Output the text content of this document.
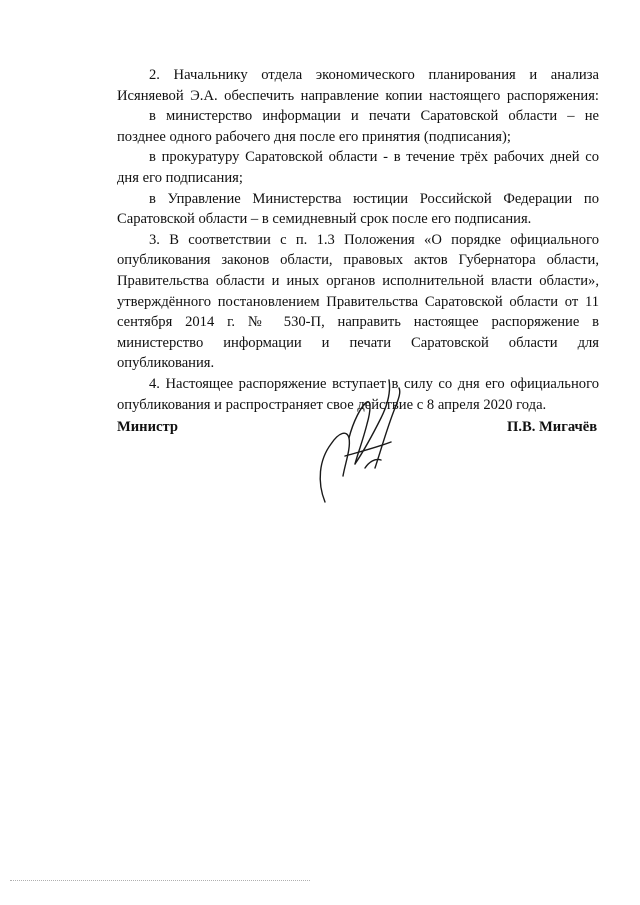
2. Начальнику отдела экономического планирования и анализа
Исяняевой Э.А. обеспечить направление копии настоящего распоряжения:
в министерство информации и печати Саратовской области – не
позднее одного рабочего дня после его принятия (подписания);
в прокуратуру Саратовской области - в течение трёх рабочих дней со
дня его подписания;
в Управление Министерства юстиции Российской Федерации по
Саратовской области – в семидневный срок после его подписания.
3. В соответствии с п. 1.3 Положения «О порядке официального
опубликования законов области, правовых актов Губернатора области,
Правительства области и иных органов исполнительной власти области»,
утверждённого постановлением Правительства Саратовской области от 11
сентября 2014 г. № 530-П, направить настоящее распоряжение в
министерство информации и печати Саратовской области для
опубликования.
4. Настоящее распоряжение вступает в силу со дня его официального
опубликования и распространяет свое действие с 8 апреля 2020 года.
Министр	П.В. Мигачёв
